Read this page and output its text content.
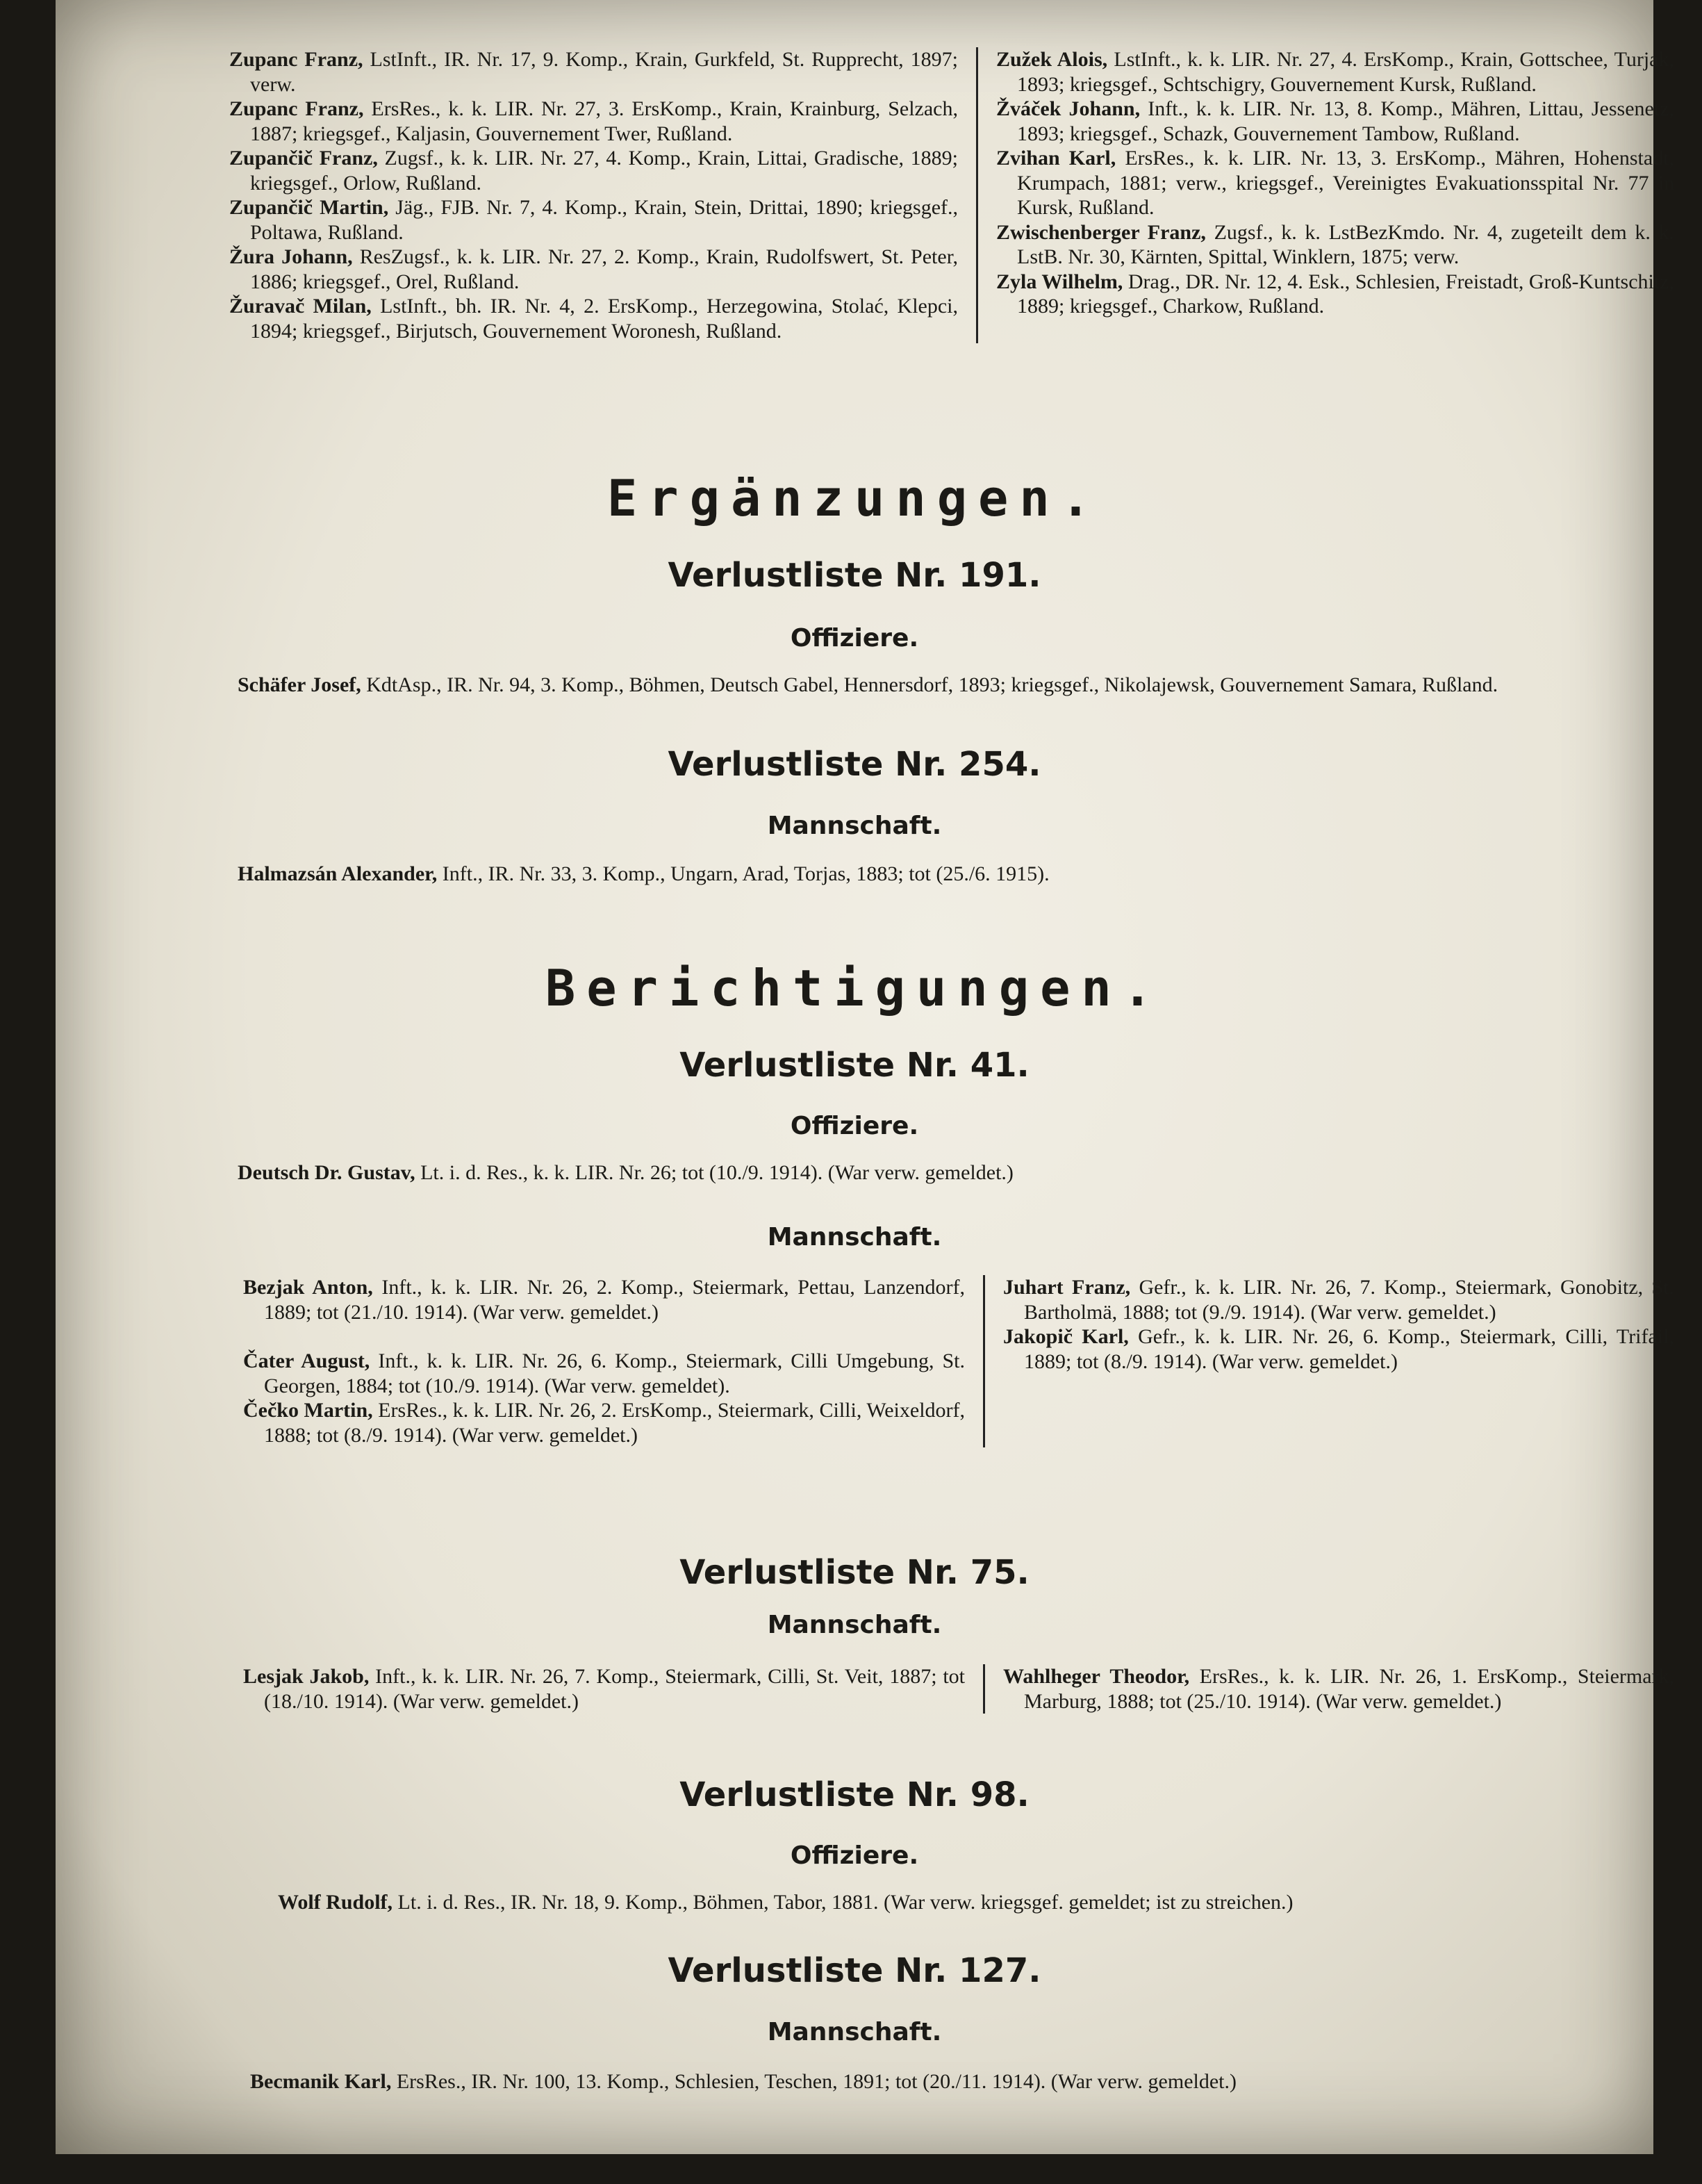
Zupanc Franz, LstInft., IR. Nr. 17, 9. Komp., Krain, Gurkfeld, St. Rupprecht, 1897; verw.

Zupanc Franz, ErsRes., k. k. LIR. Nr. 27, 3. ErsKomp., Krain, Krainburg, Selzach, 1887; kriegsgef., Kaljasin, Gouvernement Twer, Rußland.

Zupančič Franz, Zugsf., k. k. LIR. Nr. 27, 4. Komp., Krain, Littai, Gradische, 1889; kriegsgef., Orlow, Rußland.

Zupančič Martin, Jäg., FJB. Nr. 7, 4. Komp., Krain, Stein, Drittai, 1890; kriegsgef., Poltawa, Rußland.

Žura Johann, ResZugsf., k. k. LIR. Nr. 27, 2. Komp., Krain, Rudolfswert, St. Peter, 1886; kriegsgef., Orel, Rußland.

Žuravač Milan, LstInft., bh. IR. Nr. 4, 2. ErsKomp., Herzegowina, Stolać, Klepci, 1894; kriegsgef., Birjutsch, Gouvernement Woronesh, Rußland.

Zužek Alois, LstInft., k. k. LIR. Nr. 27, 4. ErsKomp., Krain, Gottschee, Turjak, 1893; kriegsgef., Schtschigry, Gouvernement Kursk, Rußland.

Žváček Johann, Inft., k. k. LIR. Nr. 13, 8. Komp., Mähren, Littau, Jessenetz, 1893; kriegsgef., Schazk, Gouvernement Tambow, Rußland.

Zvihan Karl, ErsRes., k. k. LIR. Nr. 13, 3. ErsKomp., Mähren, Hohenstadt, Krumpach, 1881; verw., kriegsgef., Vereinigtes Evakuationsspital Nr. 77 in Kursk, Rußland.

Zwischenberger Franz, Zugsf., k. k. LstBezKmdo. Nr. 4, zugeteilt dem k. k. LstB. Nr. 30, Kärnten, Spittal, Winklern, 1875; verw.

Zyla Wilhelm, Drag., DR. Nr. 12, 4. Esk., Schlesien, Freistadt, Groß-Kuntschitz, 1889; kriegsgef., Charkow, Rußland.

Ergänzungen.
Verlustliste Nr. 191.
Offiziere.

Schäfer Josef, KdtAsp., IR. Nr. 94, 3. Komp., Böhmen, Deutsch Gabel, Hennersdorf, 1893; kriegsgef., Nikolajewsk, Gouvernement Samara, Rußland.

Verlustliste Nr. 254.
Mannschaft.

Halmazsán Alexander, Inft., IR. Nr. 33, 3. Komp., Ungarn, Arad, Torjas, 1883; tot (25./6. 1915).

Berichtigungen.
Verlustliste Nr. 41.
Offiziere.

Deutsch Dr. Gustav, Lt. i. d. Res., k. k. LIR. Nr. 26; tot (10./9. 1914). (War verw. gemeldet.)

Mannschaft.

Bezjak Anton, Inft., k. k. LIR. Nr. 26, 2. Komp., Steiermark, Pettau, Lanzendorf, 1889; tot (21./10. 1914). (War verw. gemeldet.)

Čater August, Inft., k. k. LIR. Nr. 26, 6. Komp., Steiermark, Cilli Umgebung, St. Georgen, 1884; tot (10./9. 1914). (War verw. gemeldet).

Čečko Martin, ErsRes., k. k. LIR. Nr. 26, 2. ErsKomp., Steiermark, Cilli, Weixeldorf, 1888; tot (8./9. 1914). (War verw. gemeldet.)

Juhart Franz, Gefr., k. k. LIR. Nr. 26, 7. Komp., Steiermark, Gonobitz, St. Bartholmä, 1888; tot (9./9. 1914). (War verw. gemeldet.)

Jakopič Karl, Gefr., k. k. LIR. Nr. 26, 6. Komp., Steiermark, Cilli, Trifail, 1889; tot (8./9. 1914). (War verw. gemeldet.)

Verlustliste Nr. 75.
Mannschaft.

Lesjak Jakob, Inft., k. k. LIR. Nr. 26, 7. Komp., Steiermark, Cilli, St. Veit, 1887; tot (18./10. 1914). (War verw. gemeldet.)

Wahlheger Theodor, ErsRes., k. k. LIR. Nr. 26, 1. ErsKomp., Steiermark, Marburg, 1888; tot (25./10. 1914). (War verw. gemeldet.)

Verlustliste Nr. 98.
Offiziere.

Wolf Rudolf, Lt. i. d. Res., IR. Nr. 18, 9. Komp., Böhmen, Tabor, 1881. (War verw. kriegsgef. gemeldet; ist zu streichen.)

Verlustliste Nr. 127.
Mannschaft.

Becmanik Karl, ErsRes., IR. Nr. 100, 13. Komp., Schlesien, Teschen, 1891; tot (20./11. 1914). (War verw. gemeldet.)
